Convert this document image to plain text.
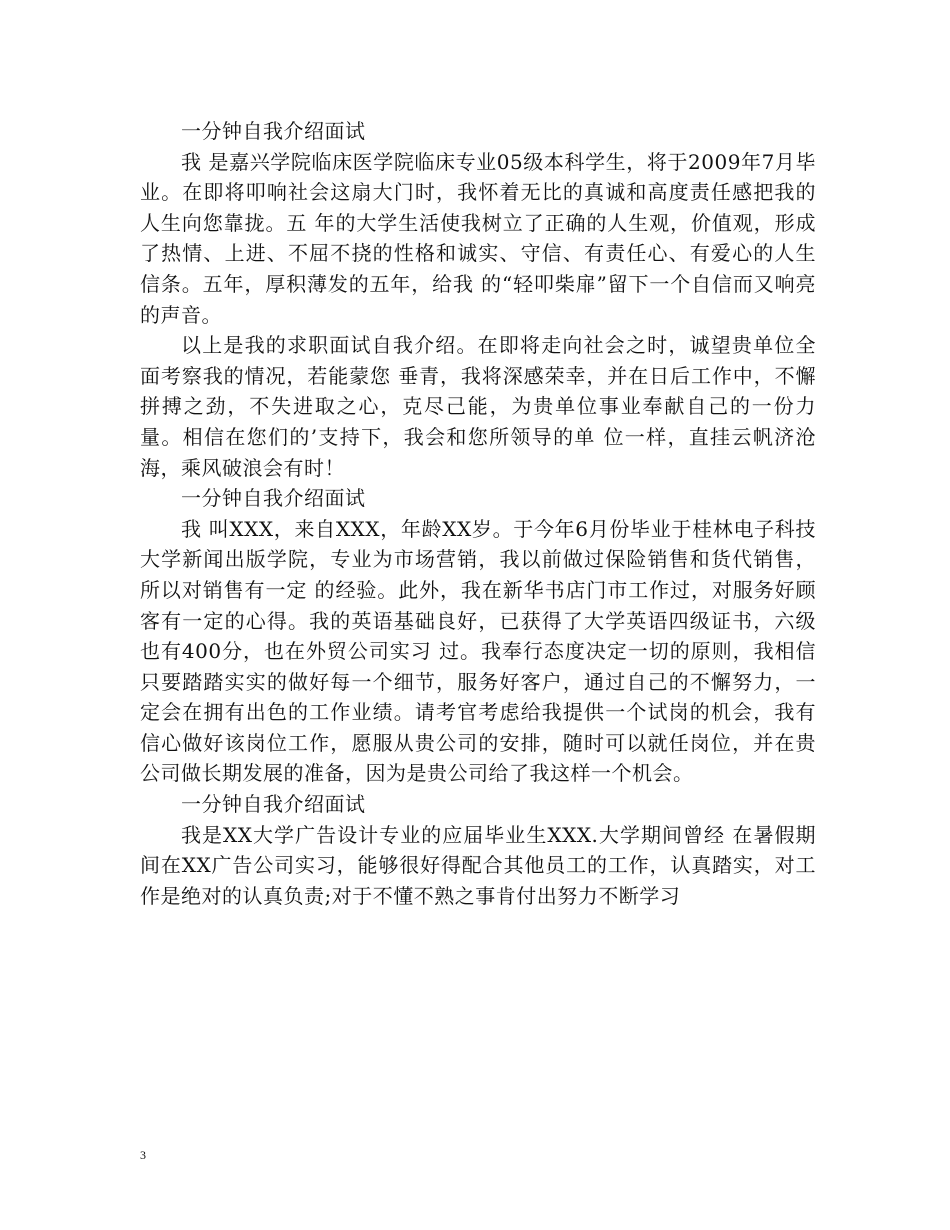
一分钟自我介绍面试

我 是嘉兴学院临床医学院临床专业05级本科学生，将于2009年7月毕业。在即将叩响社会这扇大门时，我怀着无比的真诚和高度责任感把我的人生向您靠拢。五 年的大学生活使我树立了正确的人生观，价值观，形成了热情、上进、不屈不挠的性格和诚实、守信、有责任心、有爱心的人生信条。五年，厚积薄发的五年，给我 的“轻叩柴扉”留下一个自信而又响亮的声音。

以上是我的求职面试自我介绍。在即将走向社会之时，诚望贵单位全面考察我的情况，若能蒙您 垂青，我将深感荣幸，并在日后工作中，不懈拼搏之劲，不失进取之心，克尽己能，为贵单位事业奉献自己的一份力量。相信在您们的’支持下，我会和您所领导的单 位一样，直挂云帆济沧海，乘风破浪会有时！

一分钟自我介绍面试

我 叫XXX，来自XXX，年龄XX岁。于今年6月份毕业于桂林电子科技大学新闻出版学院，专业为市场营销，我以前做过保险销售和货代销售，所以对销售有一定 的经验。此外，我在新华书店门市工作过，对服务好顾客有一定的心得。我的英语基础良好，已获得了大学英语四级证书，六级也有400分，也在外贸公司实习 过。我奉行态度决定一切的原则，我相信只要踏踏实实的做好每一个细节，服务好客户，通过自己的不懈努力，一定会在拥有出色的工作业绩。请考官考虑给我提供一个试岗的机会，我有信心做好该岗位工作，愿服从贵公司的安排，随时可以就任岗位，并在贵公司做长期发展的准备，因为是贵公司给了我这样一个机会。

一分钟自我介绍面试

我是XX大学广告设计专业的应届毕业生XXX.大学期间曾经 在暑假期间在XX广告公司实习，能够很好得配合其他员工的工作，认真踏实，对工作是绝对的认真负责;对于不懂不熟之事肯付出努力不断学习

3
